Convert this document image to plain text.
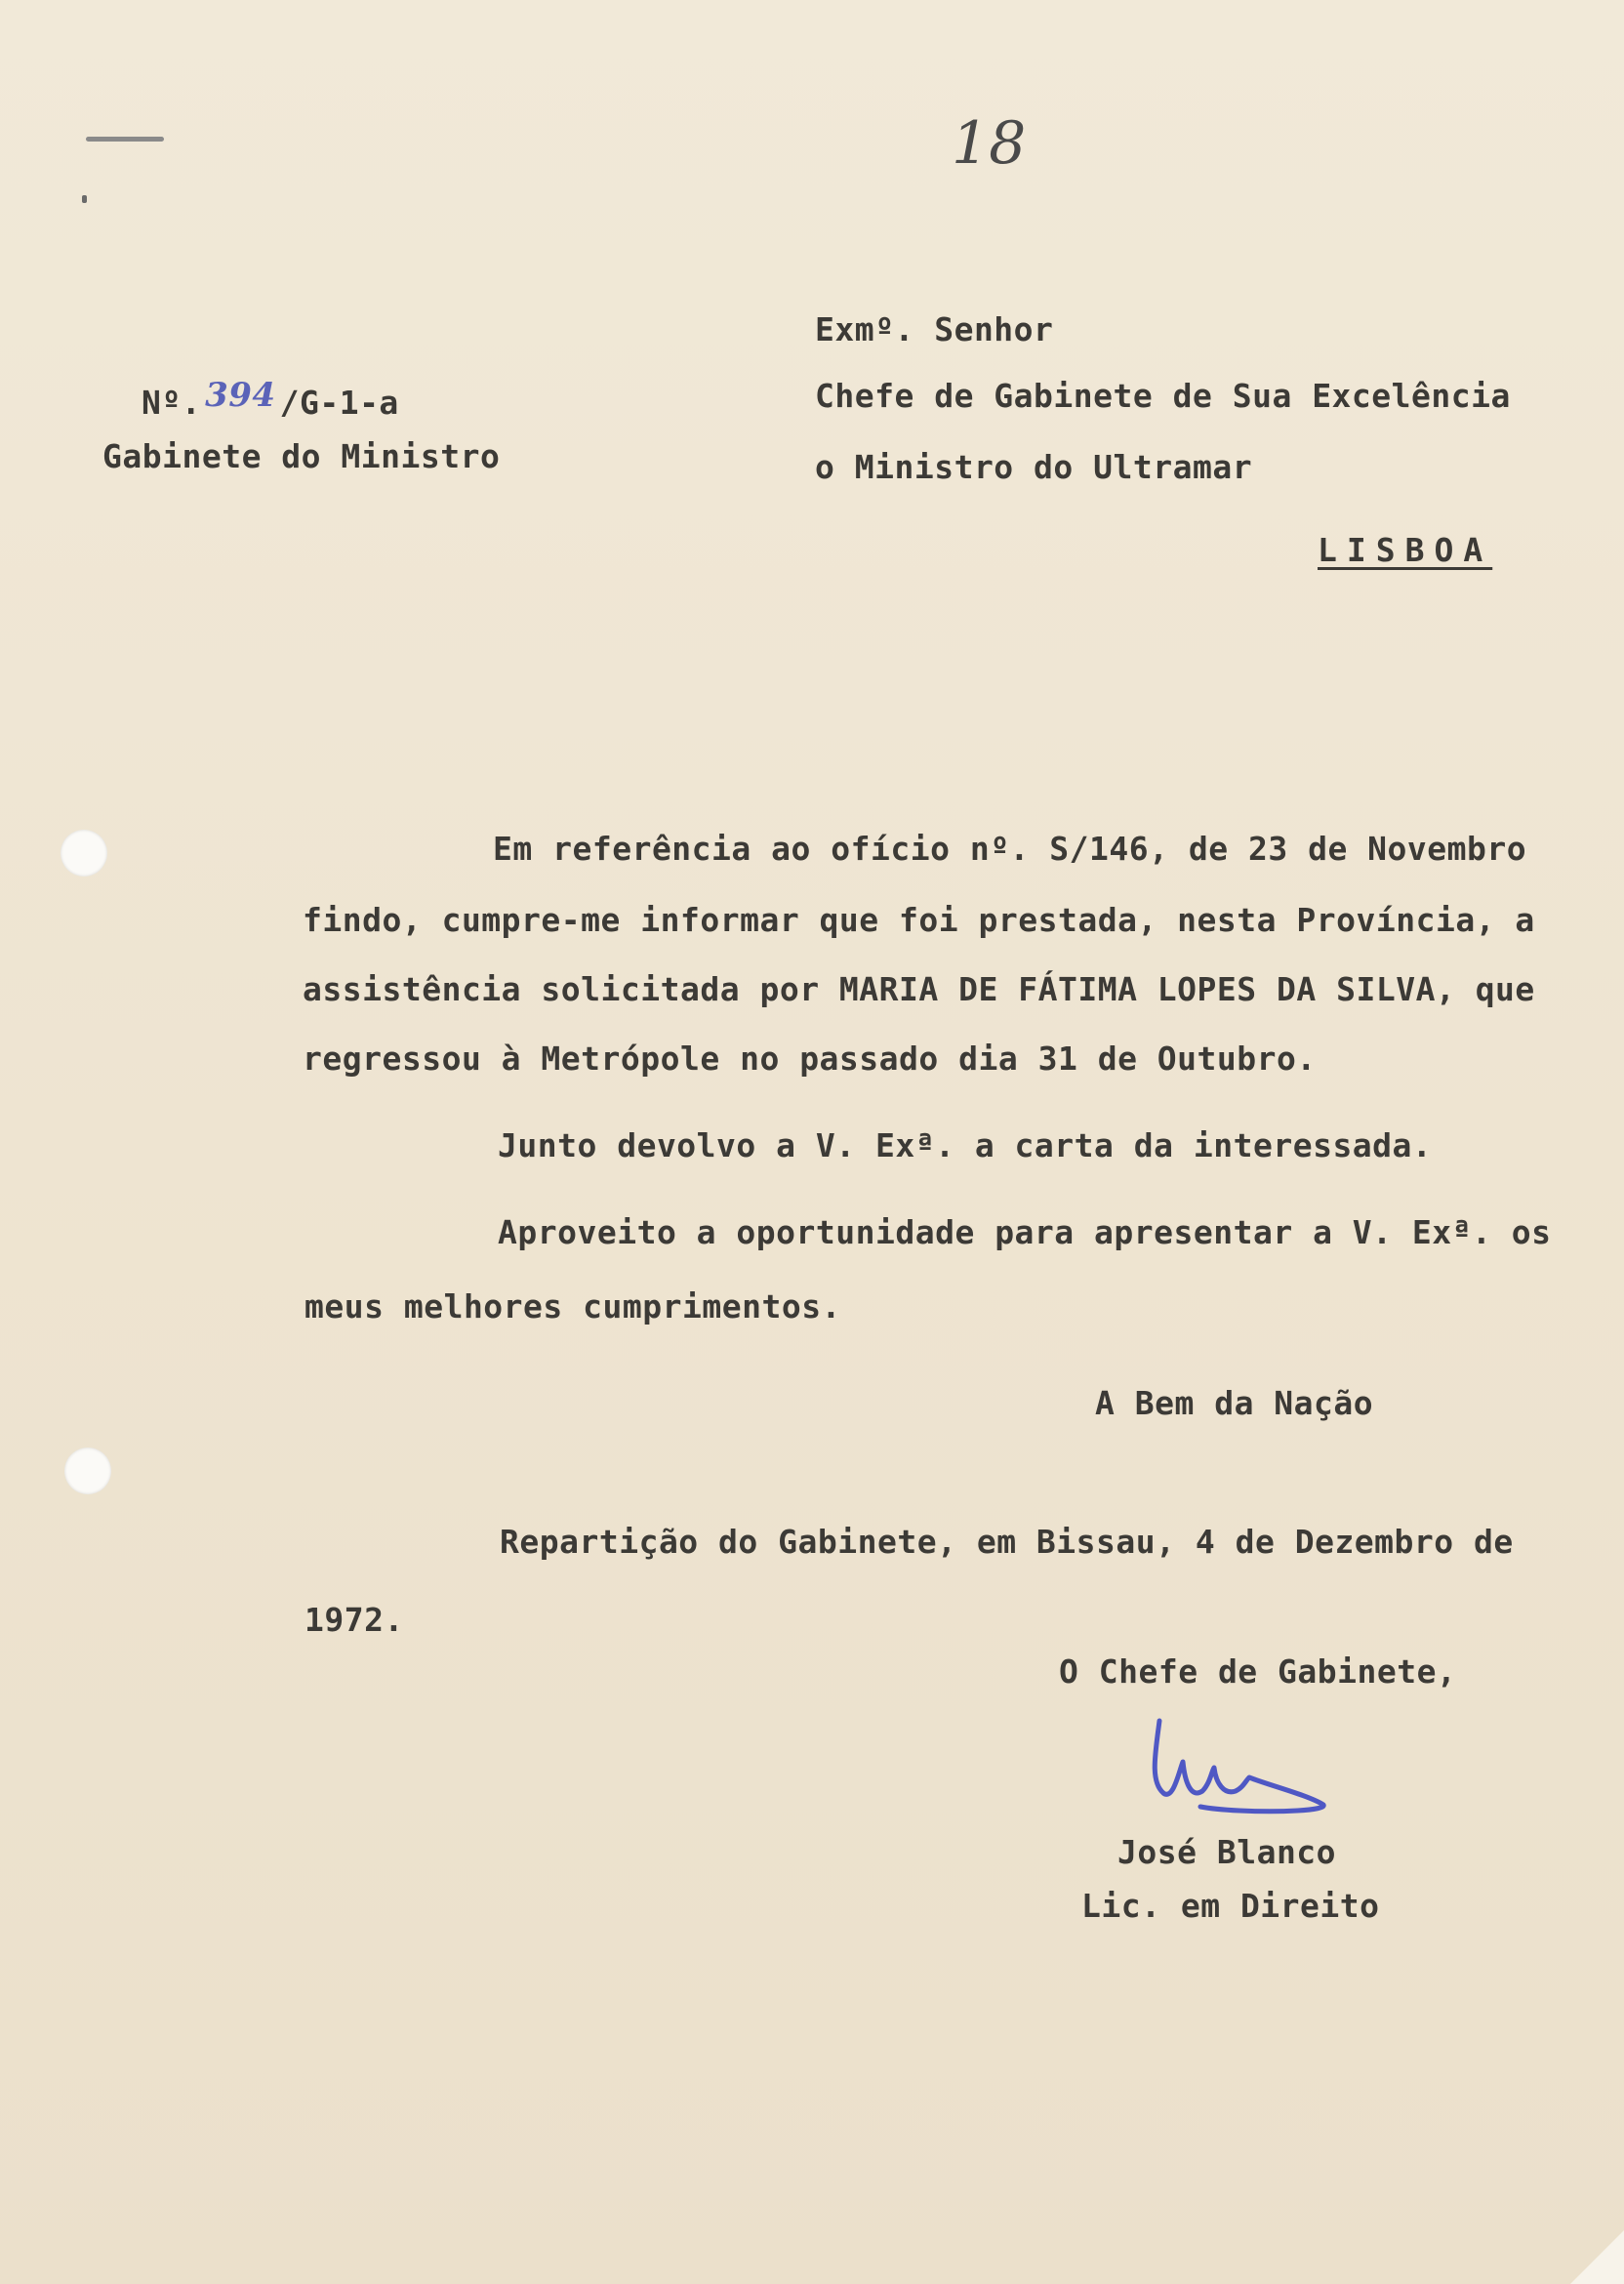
18

Exmº. Senhor

Chefe de Gabinete de Sua Excelência

o Ministro do Ultramar

LISBOA

Nº. 394 /G-1-a

Gabinete do Ministro

Em referência ao ofício nº. S/146, de 23 de Novembro

findo, cumpre-me informar que foi prestada, nesta Província, a

assistência solicitada por MARIA DE FÁTIMA LOPES DA SILVA, que

regressou à Metrópole no passado dia 31 de Outubro.

Junto devolvo a V. Exª. a carta da interessada.

Aproveito a oportunidade para apresentar a V. Exª. os

meus melhores cumprimentos.

A Bem da Nação

Repartição do Gabinete, em Bissau, 4 de Dezembro de

1972.

O Chefe de Gabinete,

José Blanco

Lic. em Direito
